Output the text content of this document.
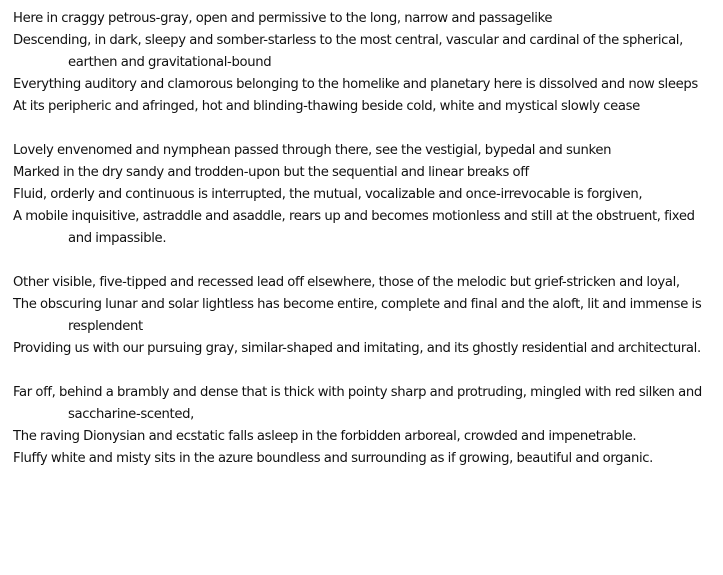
Here in craggy petrous-gray, open and permissive to the long, narrow and passagelike
Descending, in dark, sleepy and somber-starless to the most central, vascular and cardinal of the spherical, earthen and gravitational-bound
Everything auditory and clamorous belonging to the homelike and planetary here is dissolved and now sleeps
At its peripheric and afringed, hot and blinding-thawing beside cold, white and mystical slowly cease
Lovely envenomed and nymphean passed through there, see the vestigial, bypedal and sunken
Marked in the dry sandy and trodden-upon but the sequential and linear breaks off
Fluid, orderly and continuous is interrupted, the mutual, vocalizable and once-irrevocable is forgiven,
A mobile inquisitive, astraddle and asaddle, rears up and becomes motionless and still at the obstruent, fixed and impassible.
Other visible, five-tipped and recessed lead off elsewhere, those of the melodic but grief-stricken and loyal,
The obscuring lunar and solar lightless has become entire, complete and final and the aloft, lit and immense is resplendent
Providing us with our pursuing gray, similar-shaped and imitating, and its ghostly residential and architectural.
Far off, behind a brambly and dense that is thick with pointy sharp and protruding, mingled with red silken and saccharine-scented,
The raving Dionysian and ecstatic falls asleep in the forbidden arboreal, crowded and impenetrable.
Fluffy white and misty sits in the azure boundless and surrounding as if growing, beautiful and organic.
